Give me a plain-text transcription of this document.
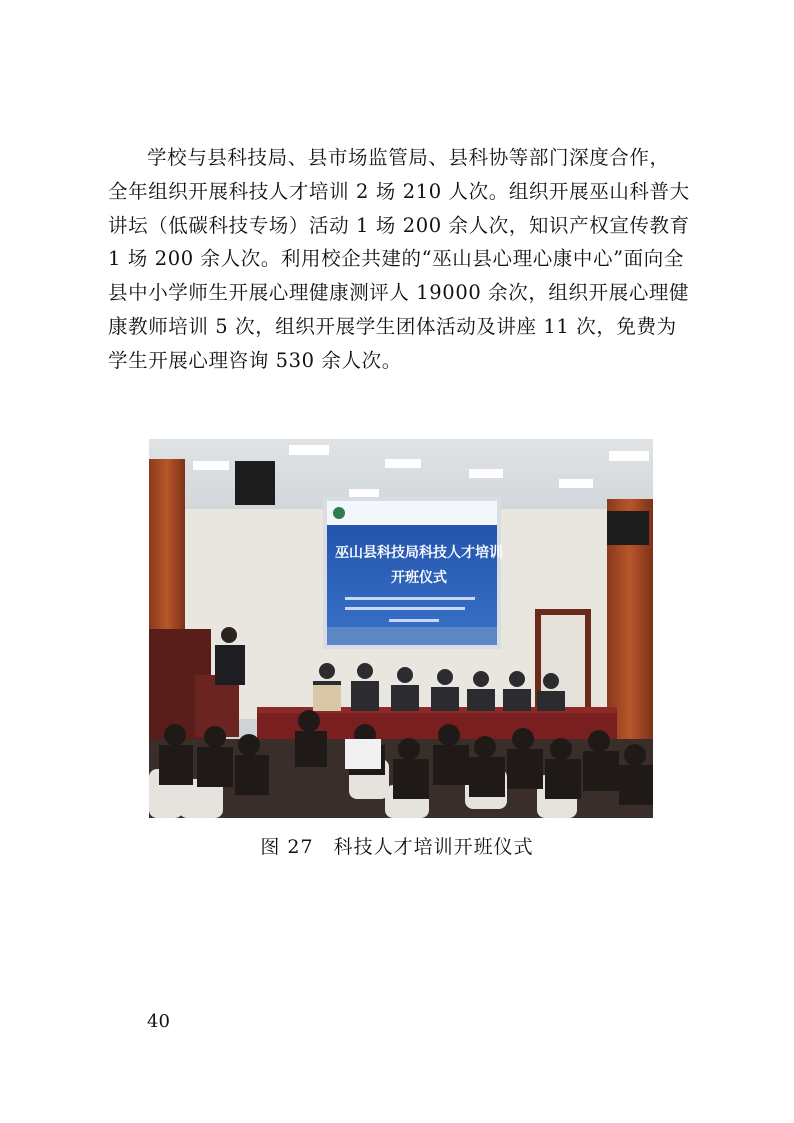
学校与县科技局、县市场监管局、县科协等部门深度合作，
全年组织开展科技人才培训 2 场 210 人次。组织开展巫山科普大
讲坛（低碳科技专场）活动 1 场 200 余人次，知识产权宣传教育
1 场 200 余人次。利用校企共建的“巫山县心理心康中心”面向全
县中小学师生开展心理健康测评人 19000 余次，组织开展心理健
康教师培训 5 次，组织开展学生团体活动及讲座 11 次，免费为
学生开展心理咨询 530 余人次。
巫山县科技局科技人才培训
开班仪式
图 27　科技人才培训开班仪式
40
